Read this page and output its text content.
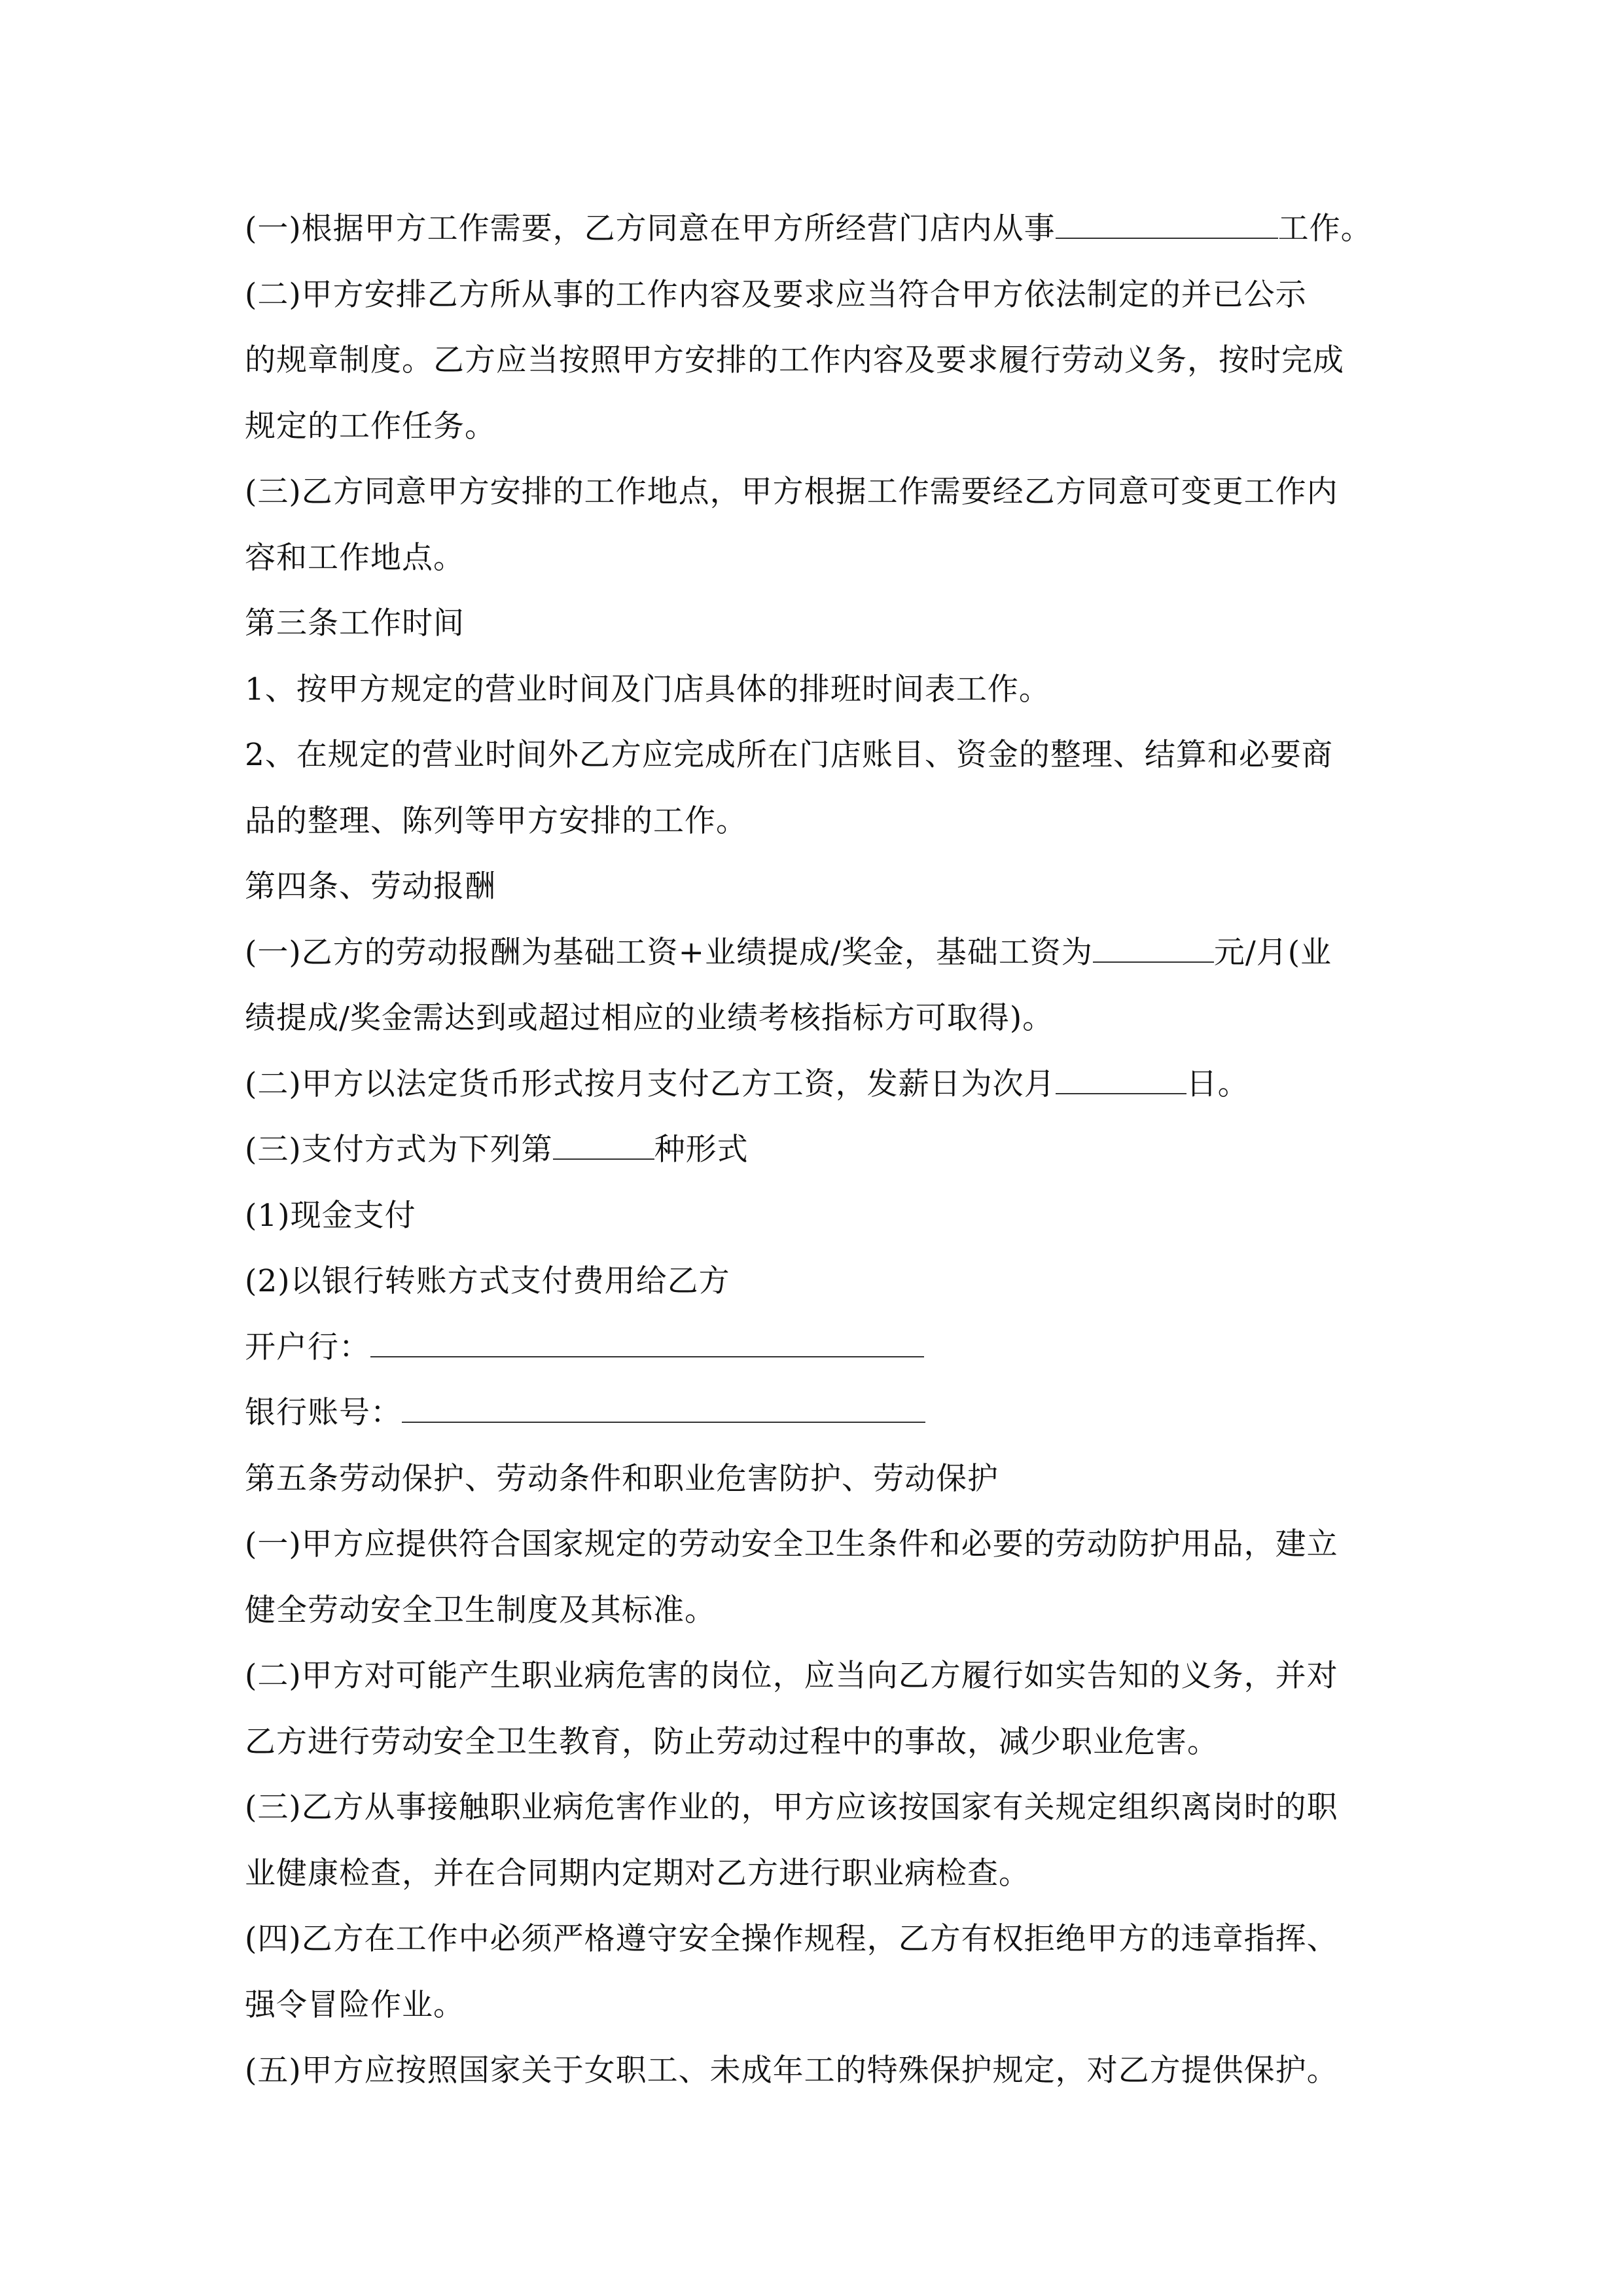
(一)根据甲方工作需要，乙方同意在甲方所经营门店内从事	工作。
(二)甲方安排乙方所从事的工作内容及要求应当符合甲方依法制定的并已公示
的规章制度。乙方应当按照甲方安排的工作内容及要求履行劳动义务，按时完成
规定的工作任务。
(三)乙方同意甲方安排的工作地点，甲方根据工作需要经乙方同意可变更工作内
容和工作地点。
第三条工作时间
1、按甲方规定的营业时间及门店具体的排班时间表工作。
2、在规定的营业时间外乙方应完成所在门店账目、资金的整理、结算和必要商
品的整理、陈列等甲方安排的工作。
第四条、劳动报酬
(一)乙方的劳动报酬为基础工资+业绩提成/奖金，基础工资为	元/月(业
绩提成/奖金需达到或超过相应的业绩考核指标方可取得)。
(二)甲方以法定货币形式按月支付乙方工资，发薪日为次月	日。
(三)支付方式为下列第	种形式
(1)现金支付
(2)以银行转账方式支付费用给乙方
开户行：
银行账号：
第五条劳动保护、劳动条件和职业危害防护、劳动保护
(一)甲方应提供符合国家规定的劳动安全卫生条件和必要的劳动防护用品，建立
健全劳动安全卫生制度及其标准。
(二)甲方对可能产生职业病危害的岗位，应当向乙方履行如实告知的义务，并对
乙方进行劳动安全卫生教育，防止劳动过程中的事故，减少职业危害。
(三)乙方从事接触职业病危害作业的，甲方应该按国家有关规定组织离岗时的职
业健康检查，并在合同期内定期对乙方进行职业病检查。
(四)乙方在工作中必须严格遵守安全操作规程，乙方有权拒绝甲方的违章指挥、
强令冒险作业。
(五)甲方应按照国家关于女职工、未成年工的特殊保护规定，对乙方提供保护。
